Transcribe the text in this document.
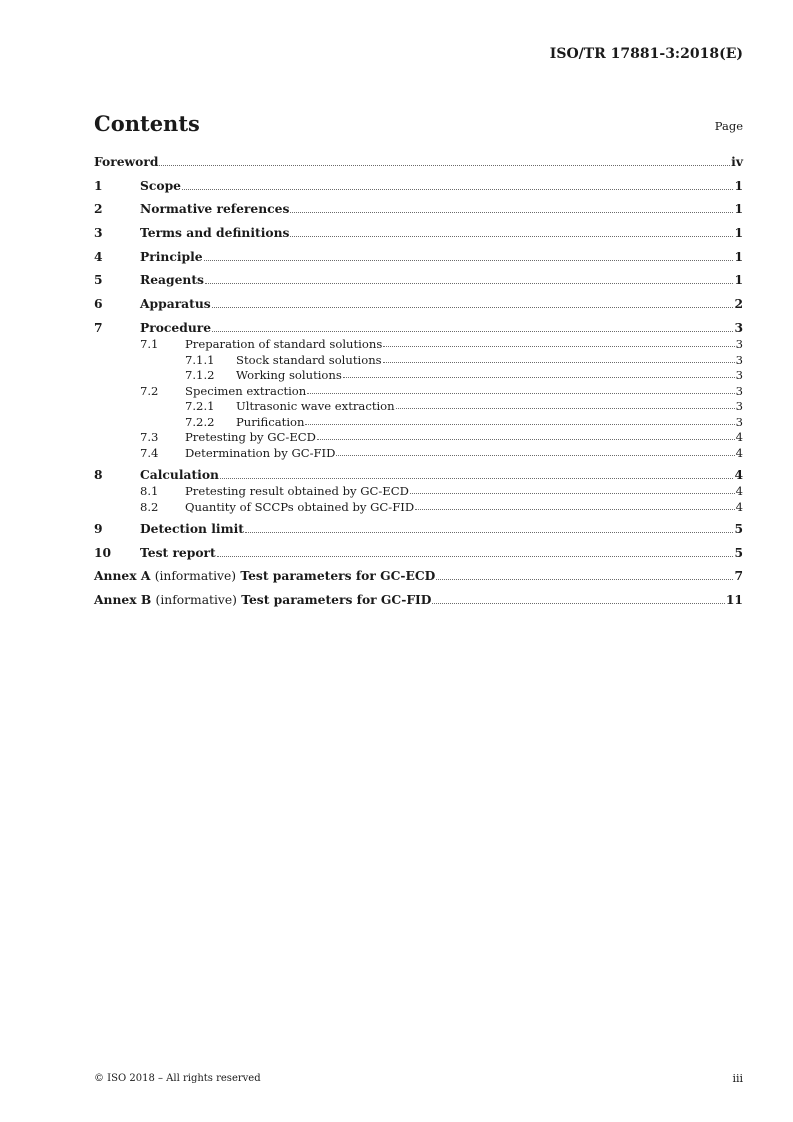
ISO/TR 17881-3:2018(E)
Contents	Page
Foreword	iv
1	Scope	1
2	Normative references	1
3	Terms and definitions	1
4	Principle	1
5	Reagents	1
6	Apparatus	2
7	Procedure	3
7.1	Preparation of standard solutions	3
7.1.1	Stock standard solutions	3
7.1.2	Working solutions	3
7.2	Specimen extraction	3
7.2.1	Ultrasonic wave extraction	3
7.2.2	Purification	3
7.3	Pretesting by GC-ECD	4
7.4	Determination by GC-FID	4
8	Calculation	4
8.1	Pretesting result obtained by GC-ECD	4
8.2	Quantity of SCCPs obtained by GC-FID	4
9	Detection limit	5
10	Test report	5
Annex A (informative) Test parameters for GC-ECD	7
Annex B (informative) Test parameters for GC-FID	11
© ISO 2018 – All rights reserved	iii
